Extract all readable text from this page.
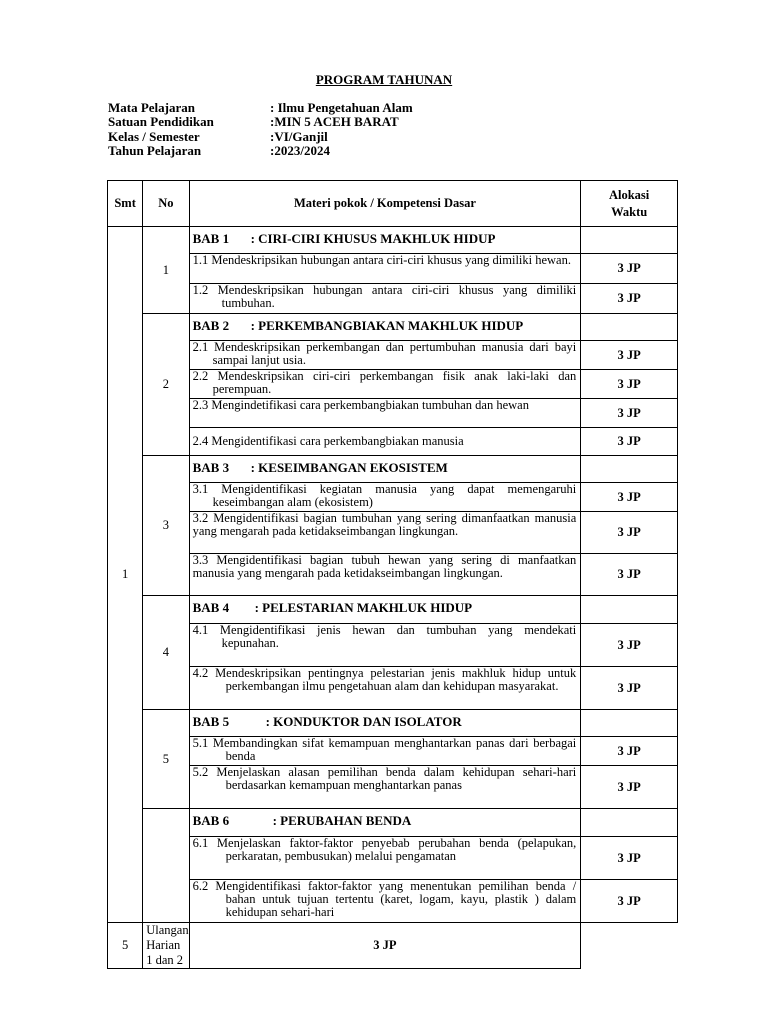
PROGRAM TAHUNAN
Mata Pelajaran	: Ilmu Pengetahuan Alam
Satuan Pendidikan	:MIN 5 ACEH BARAT
Kelas / Semester	:VI/Ganjil
Tahun Pelajaran	:2023/2024
Smt	No	Materi pokok / Kompetensi Dasar	Alokasi
Waktu
1	1	BAB 1 : CIRI-CIRI KHUSUS MAKHLUK HIDUP	

		1.1 Mendeskripsikan hubungan antara ciri-ciri khusus yang dimiliki hewan.	3 JP

		1.2 Mendeskripsikan hubungan antara ciri-ciri khusus yang dimiliki tumbuhan.	3 JP
	2	BAB 2 : PERKEMBANGBIAKAN MAKHLUK HIDUP	

		2.1 Mendeskripsikan perkembangan dan pertumbuhan manusia dari bayi sampai lanjut usia.	3 JP

		2.2 Mendeskripsikan ciri-ciri perkembangan fisik anak laki-laki dan perempuan.	3 JP

		2.3 Mengindetifikasi cara perkembangbiakan tumbuhan dan hewan	3 JP
		2.4 Mengidentifikasi cara perkembangbiakan manusia	3 JP
	3	BAB 3 : KESEIMBANGAN EKOSISTEM	

		3.1 Mengidentifikasi kegiatan manusia yang dapat memengaruhi keseimbangan alam (ekosistem)	3 JP

		3.2 Mengidentifikasi bagian tumbuhan yang sering dimanfaatkan manusia yang mengarah pada ketidakseimbangan lingkungan.	3 JP

		3.3 Mengidentifikasi bagian tubuh hewan yang sering di manfaatkan manusia yang mengarah pada ketidakseimbangan lingkungan.	3 JP
	4	BAB 4 : PELESTARIAN MAKHLUK HIDUP	

		4.1 Mengidentifikasi jenis hewan dan tumbuhan yang mendekati kepunahan.	3 JP

		4.2 Mendeskripsikan pentingnya pelestarian jenis makhluk hidup untuk perkembangan ilmu pengetahuan alam dan kehidupan masyarakat.	3 JP
	5	BAB 5 : KONDUKTOR DAN ISOLATOR	

		5.1 Membandingkan sifat kemampuan menghantarkan panas dari berbagai benda	3 JP

		5.2 Menjelaskan alasan pemilihan benda dalam kehidupan sehari-hari berdasarkan kemampuan menghantarkan panas	3 JP
		BAB 6 : PERUBAHAN BENDA	

		6.1 Menjelaskan faktor-faktor penyebab perubahan benda (pelapukan, perkaratan, pembusukan) melalui pengamatan	3 JP

		6.2 Mengidentifikasi faktor-faktor yang menentukan pemilihan benda / bahan untuk tujuan tertentu (karet, logam, kayu, plastik ) dalam kehidupan sehari-hari	3 JP
5	Ulangan Harian 1 dan 2	3 JP	
